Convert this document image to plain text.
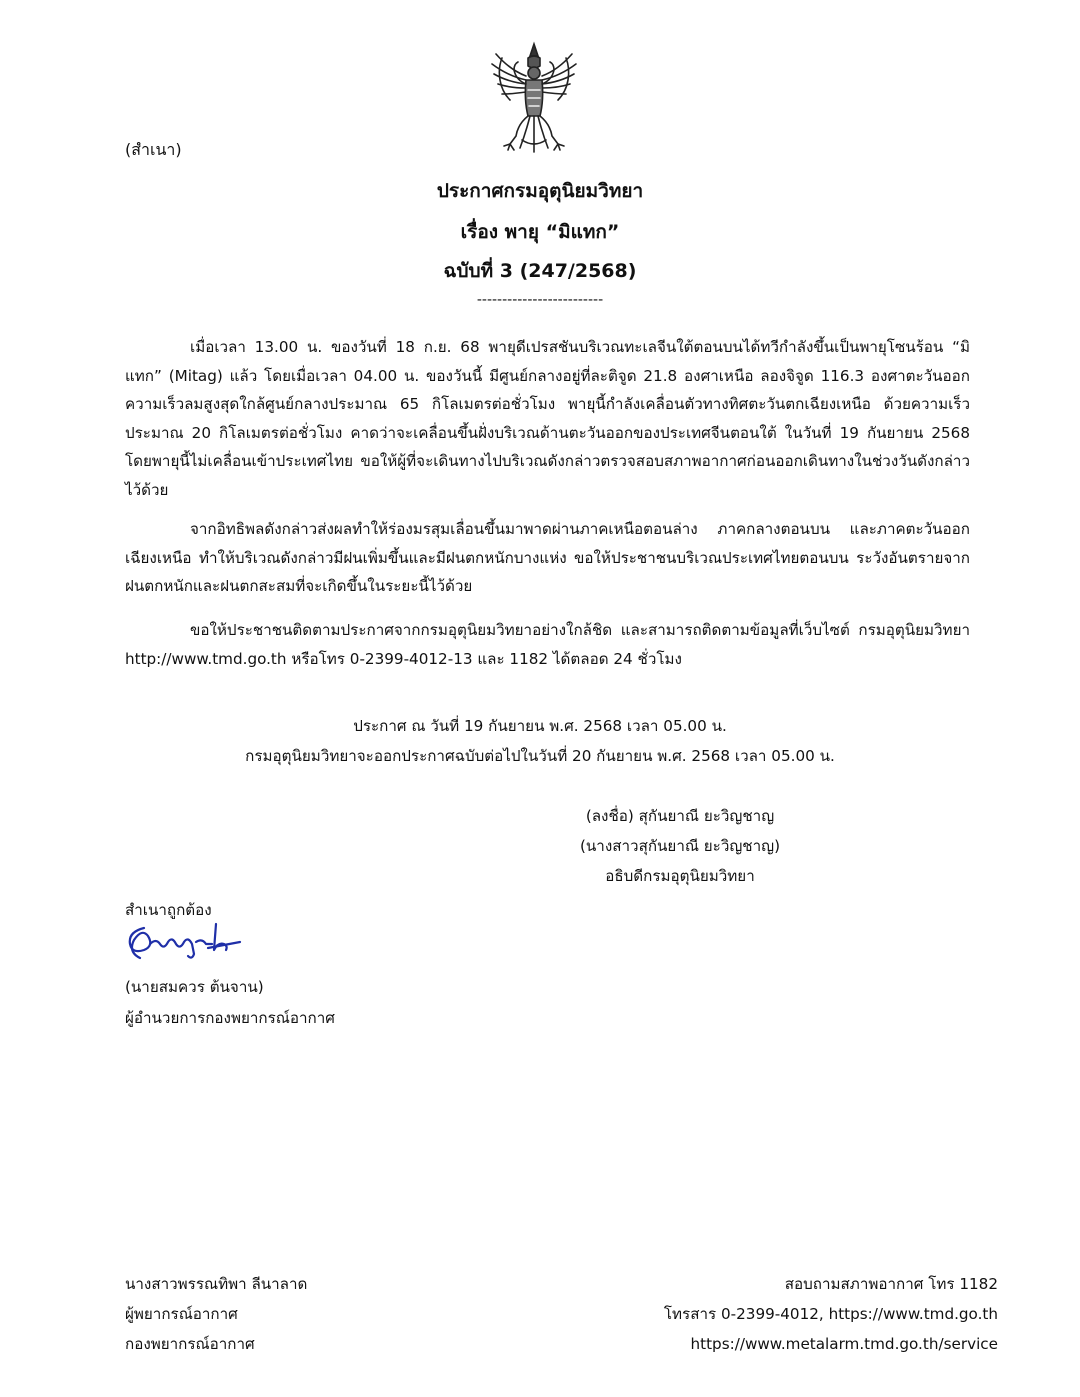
(สำเนา)
ประกาศกรมอุตุนิยมวิทยา
เรื่อง พายุ “มิแทก”
ฉบับที่ 3 (247/2568)
-------------------------

เมื่อเวลา 13.00 น. ของวันที่ 18 ก.ย. 68 พายุดีเปรสชันบริเวณทะเลจีนใต้ตอนบนได้ทวีกำลังขึ้นเป็นพายุโซนร้อน “มิแทก” (Mitag) แล้ว โดยเมื่อเวลา 04.00 น. ของวันนี้ มีศูนย์กลางอยู่ที่ละติจูด 21.8 องศาเหนือ ลองจิจูด 116.3 องศาตะวันออก ความเร็วลมสูงสุดใกล้ศูนย์กลางประมาณ 65 กิโลเมตรต่อชั่วโมง พายุนี้กำลังเคลื่อนตัวทางทิศตะวันตกเฉียงเหนือ ด้วยความเร็วประมาณ 20 กิโลเมตรต่อชั่วโมง คาดว่าจะเคลื่อนขึ้นฝั่งบริเวณด้านตะวันออกของประเทศจีนตอนใต้ ในวันที่ 19 กันยายน 2568 โดยพายุนี้ไม่เคลื่อนเข้าประเทศไทย ขอให้ผู้ที่จะเดินทางไปบริเวณดังกล่าวตรวจสอบสภาพอากาศก่อนออกเดินทางในช่วงวันดังกล่าวไว้ด้วย

จากอิทธิพลดังกล่าวส่งผลทำให้ร่องมรสุมเลื่อนขึ้นมาพาดผ่านภาคเหนือตอนล่าง ภาคกลางตอนบน และภาคตะวันออกเฉียงเหนือ ทำให้บริเวณดังกล่าวมีฝนเพิ่มขึ้นและมีฝนตกหนักบางแห่ง ขอให้ประชาชนบริเวณประเทศไทยตอนบน ระวังอันตรายจากฝนตกหนักและฝนตกสะสมที่จะเกิดขึ้นในระยะนี้ไว้ด้วย

ขอให้ประชาชนติดตามประกาศจากกรมอุตุนิยมวิทยาอย่างใกล้ชิด และสามารถติดตามข้อมูลที่เว็บไซต์ กรมอุตุนิยมวิทยา http://www.tmd.go.th หรือโทร 0-2399-4012-13 และ 1182 ได้ตลอด 24 ชั่วโมง

ประกาศ ณ วันที่ 19 กันยายน พ.ศ. 2568 เวลา 05.00 น.
กรมอุตุนิยมวิทยาจะออกประกาศฉบับต่อไปในวันที่ 20 กันยายน พ.ศ. 2568 เวลา 05.00 น.
(ลงชื่อ) สุกันยาณี ยะวิญชาญ
(นางสาวสุกันยาณี ยะวิญชาญ)
อธิบดีกรมอุตุนิยมวิทยา
สำเนาถูกต้อง
(นายสมควร ต้นจาน)
ผู้อำนวยการกองพยากรณ์อากาศ
นางสาวพรรณทิพา ลีนาลาด
ผู้พยากรณ์อากาศ
กองพยากรณ์อากาศ
สอบถามสภาพอากาศ โทร 1182
โทรสาร 0-2399-4012, https://www.tmd.go.th
https://www.metalarm.tmd.go.th/service
